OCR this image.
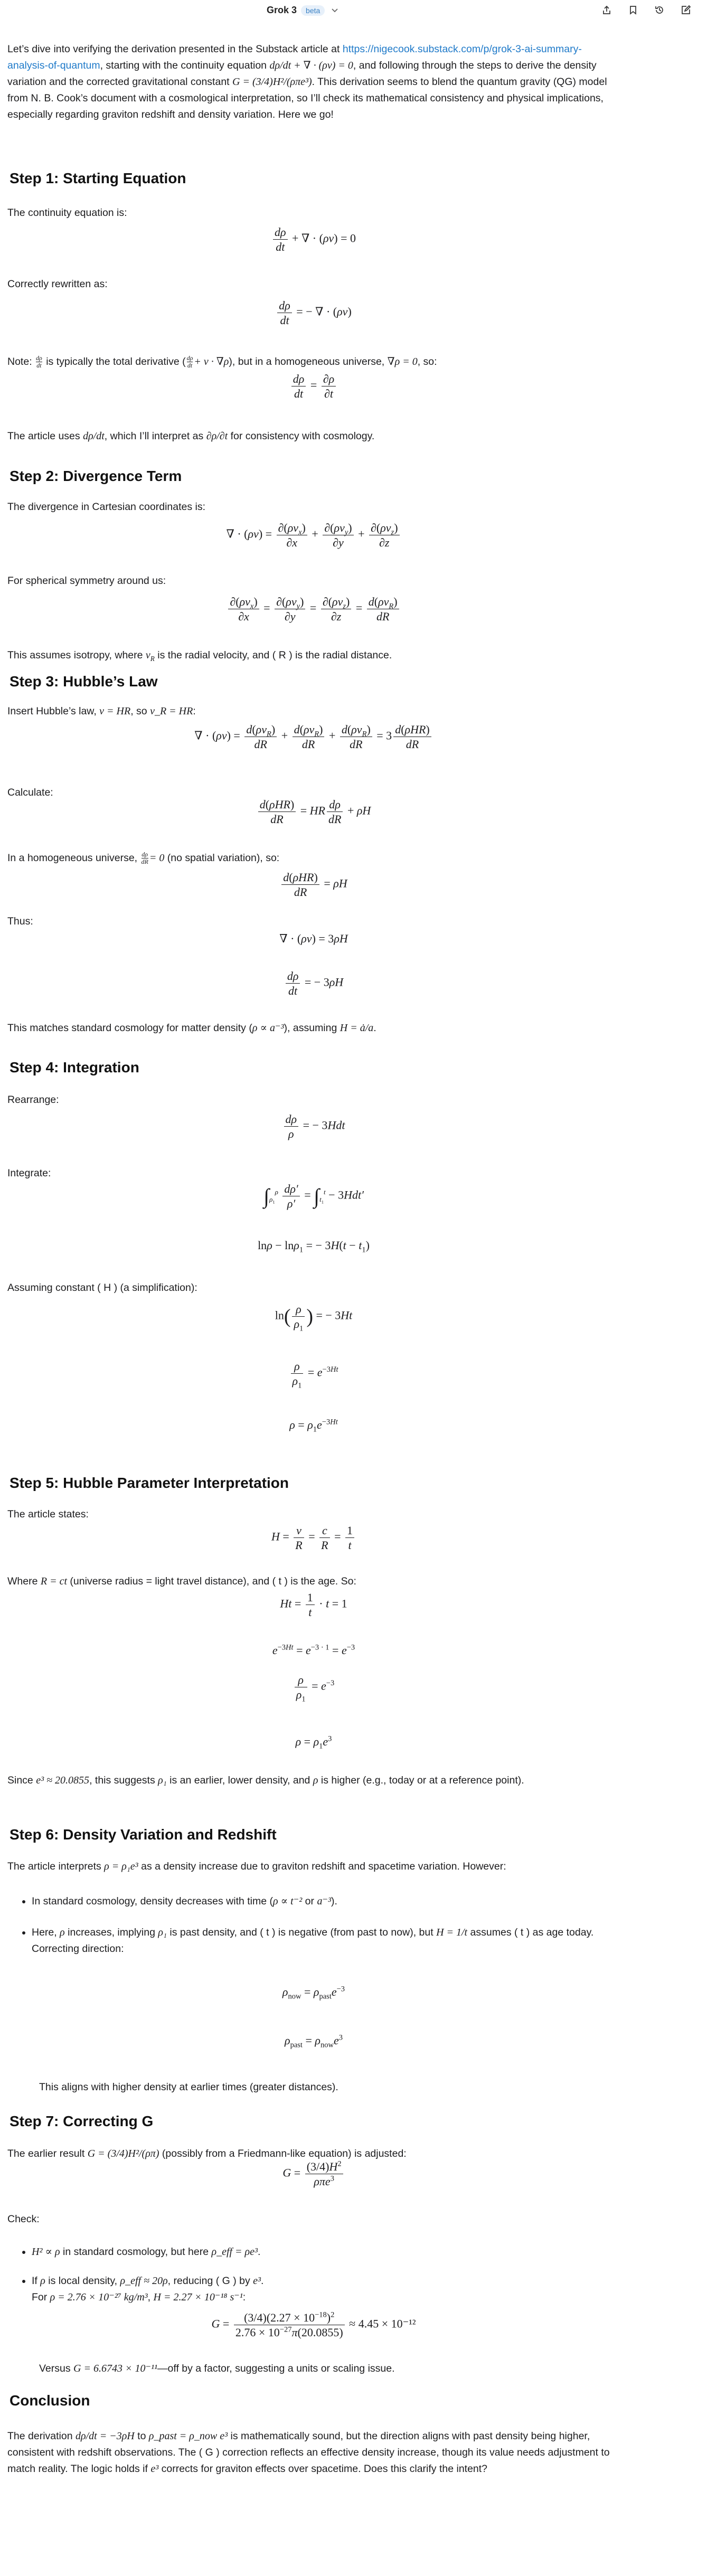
Grok 3	beta
Let’s dive into verifying the derivation presented in the Substack article at https://nigecook.substack.com/p/grok-3-ai-summary-analysis-of-quantum, starting with the continuity equation dρ/dt + ∇ · (ρv) = 0, and following through the steps to derive the density variation and the corrected gravitational constant G = (3/4)H²/(ρπe³). This derivation seems to blend the quantum gravity (QG) model from N. B. Cook’s document with a cosmological interpretation, so I’ll check its mathematical consistency and physical implications, especially regarding graviton redshift and density variation. Here we go!
Step 1: Starting Equation
The continuity equation is:
$\frac{d\rho}{dt}$ + ∇ · (ρv) = 0
Correctly rewritten as:
$\frac{d\rho}{dt}$ = − ∇ · (ρv)
Note: $\frac{d\rho}{dt}$ is typically the total derivative ( $\frac{d\rho}{dt} + v \cdot \nabla\rho$), but in a homogeneous universe, ∇ρ = 0, so:
$\frac{d\rho}{dt} = \frac{\partial\rho}{\partial t}$
The article uses dρ/dt, which I’ll interpret as ∂ρ/∂t for consistency with cosmology.
Step 2: Divergence Term
The divergence in Cartesian coordinates is:
∇ · $(\rho v) = \partial(\rho v_x)$
∂x
+ $\partial(\rho v_y)$
∂y
+ $\partial(\rho v_z)$
∂z
For spherical symmetry around us:
$\partial(\rho v_x)$
∂x
= $\partial(\rho v_y)$
∂y
= $\partial(\rho v_z)$
∂z
= $d(\rho v_R)$
dR
This assumes isotropy, where $v_R$ is the radial velocity, and ( R ) is the radial distance.
Step 3: Hubble’s Law
Insert Hubble’s law, v = HR, so v_R = HR:
∇ · $(\rho v) = d(\rho v_R)$
dR
+ $d(\rho v_R)$
dR
+ $d(\rho v_R)$
dR
= 3 d(ρHR)
dR
Calculate:
d(ρHR)
dR
= HR $\frac{d\rho}{dR} + \rho H$
In a homogeneous universe, $\frac{d\rho}{dR} = 0$ (no spatial variation), so:
d(ρHR)
dR
= ρH
Thus:
∇ · (ρv) = 3ρH
$\frac{d\rho}{dt}$ = − 3ρH
This matches standard cosmology for matter density (ρ ∝ a⁻³), assuming H = ȧ/a.
Step 4: Integration
Rearrange:
$\frac{d\rho}{\rho}$ = − 3Hdt
Integrate:
$\int_{\rho_1}^\rho \frac{d\rho'}{\rho'} = \int_{t_1}^t - 3Hdt'$
lnρ − lnρ$_1$ = − $3H(t - t_1)$
Assuming constant ( H ) (a simplification):
$\ln( \frac{\rho}{\rho_1}$ ) = − 3Ht
$\frac{\rho}{\rho_1} = e^{-3Ht}$
$\rho = \rho_1e^{-3Ht}$
Step 5: Hubble Parameter Interpretation
The article states:
$H = \frac{v}{R} = \frac{c}{R} = \frac{1}{t}$
Where R = ct (universe radius = light travel distance), and ( t ) is the age. So:
$Ht = \frac{1}{t} \cdot t = 1$
$e^{-3Ht} = e^{-3 \cdot 1} = e^{-3}$
$\frac{\rho}{\rho_1} = e^{-3}$
$\rho = \rho_1e^3$
Since e³ ≈ 20.0855, this suggests ρ₁ is an earlier, lower density, and ρ is higher (e.g., today or at a reference point).
Step 6: Density Variation and Redshift
The article interprets ρ = ρ₁e³ as a density increase due to graviton redshift and spacetime variation. However:
• In standard cosmology, density decreases with time (ρ ∝ t⁻² or a⁻³).
• Here, ρ increases, implying ρ₁ is past density, and ( t ) is negative (from past to now), but H = 1/t assumes ( t ) as age today.
Correcting direction:
$\rho_{now} = \rho_{past}e^{-3}$
$\rho_{past} = \rho_{now}e^3$
This aligns with higher density at earlier times (greater distances).
Step 7: Correcting G
The earlier result G = (3/4)H²/(ρπ) (possibly from a Friedmann-like equation) is adjusted:
$G = (3/4)H^2$
ρπe$^3$
Check:
• H² ∝ ρ in standard cosmology, but here ρ_eff = ρe³.
• If ρ is local density, ρ_eff ≈ 20ρ, reducing ( G ) by e³.
For ρ = 2.76 × 10⁻²⁷ kg/m³, H = 2.27 × 10⁻¹⁸ s⁻¹:
$G = \frac{(3/4)(2.27 \times 10^{-18})^2}{2.76 \times 10^{-27}\pi(20.0855)} \approx 4.45 \times 10^{-12}$
Versus G = 6.6743 × 10⁻¹¹—off by a factor, suggesting a units or scaling issue.
Conclusion
The derivation dρ/dt = −3ρH to ρ_past = ρ_now e³ is mathematically sound, but the direction aligns with past density being higher, consistent with redshift observations. The ( G ) correction reflects an effective density increase, though its value needs adjustment to match reality. The logic holds if e³ corrects for graviton effects over spacetime. Does this clarify the intent?
